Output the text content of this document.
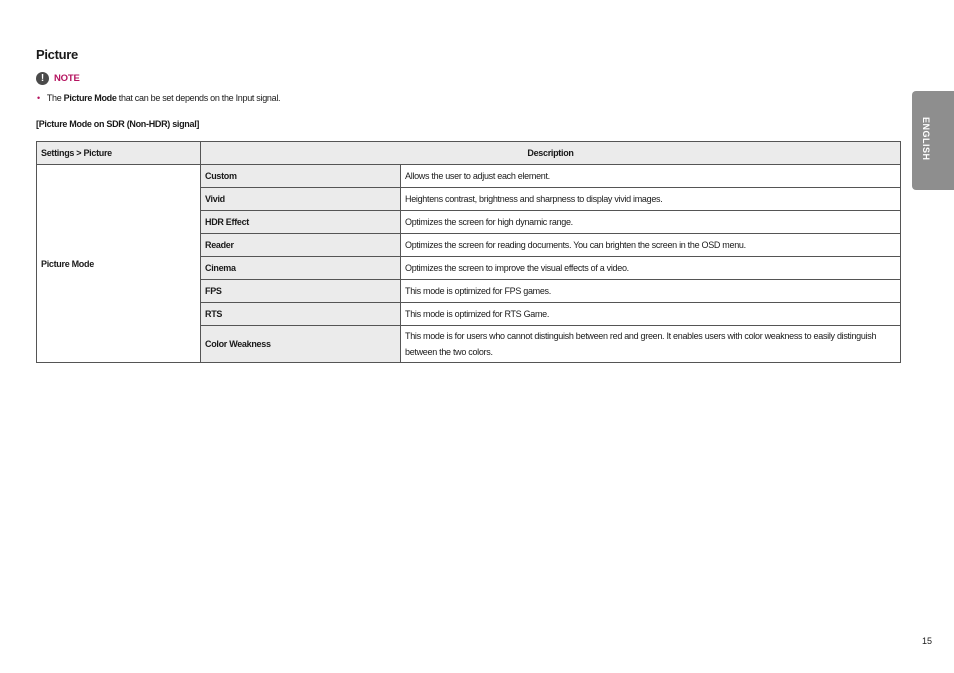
Picture
!	NOTE
• The Picture Mode that can be set depends on the Input signal.
[Picture Mode on SDR (Non-HDR) signal]
Settings > Picture	Description	
Picture Mode	Custom	Allows the user to adjust each element.
	Vivid	Heightens contrast, brightness and sharpness to display vivid images.
	HDR Effect	Optimizes the screen for high dynamic range.
	Reader	Optimizes the screen for reading documents. You can brighten the screen in the OSD menu.
	Cinema	Optimizes the screen to improve the visual effects of a video.
	FPS	This mode is optimized for FPS games.
	RTS	This mode is optimized for RTS Game.
	Color Weakness	This mode is for users who cannot distinguish between red and green. It enables users with color weakness to easily distinguish between the two colors.
ENGLISH
15
